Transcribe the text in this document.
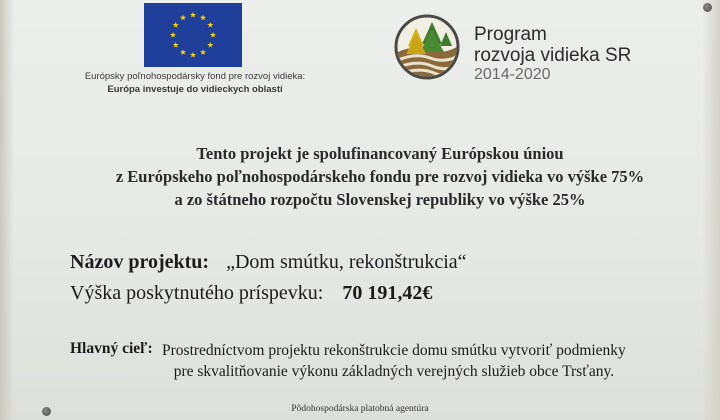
Európsky poľnohospodársky fond pre rozvoj vidieka:
Európa investuje do vidieckych oblastí
Program
rozvoja vidieka SR
2014-2020
Tento projekt je spolufinancovaný Európskou úniou
z Európskeho poľnohospodárskeho fondu pre rozvoj vidieka vo výške 75%
a zo štátneho rozpočtu Slovenskej republiky vo výške 25%
Názov projektu: „Dom smútku, rekonštrukcia“
Výška poskytnutého príspevku: 70 191,42€
Hlavný cieľ: Prostredníctvom projektu rekonštrukcie domu smútku vytvoriť podmienky
pre skvalitňovanie výkonu základných verejných služieb obce Trsťany.
Pôdohospodárska platobná agentúra
